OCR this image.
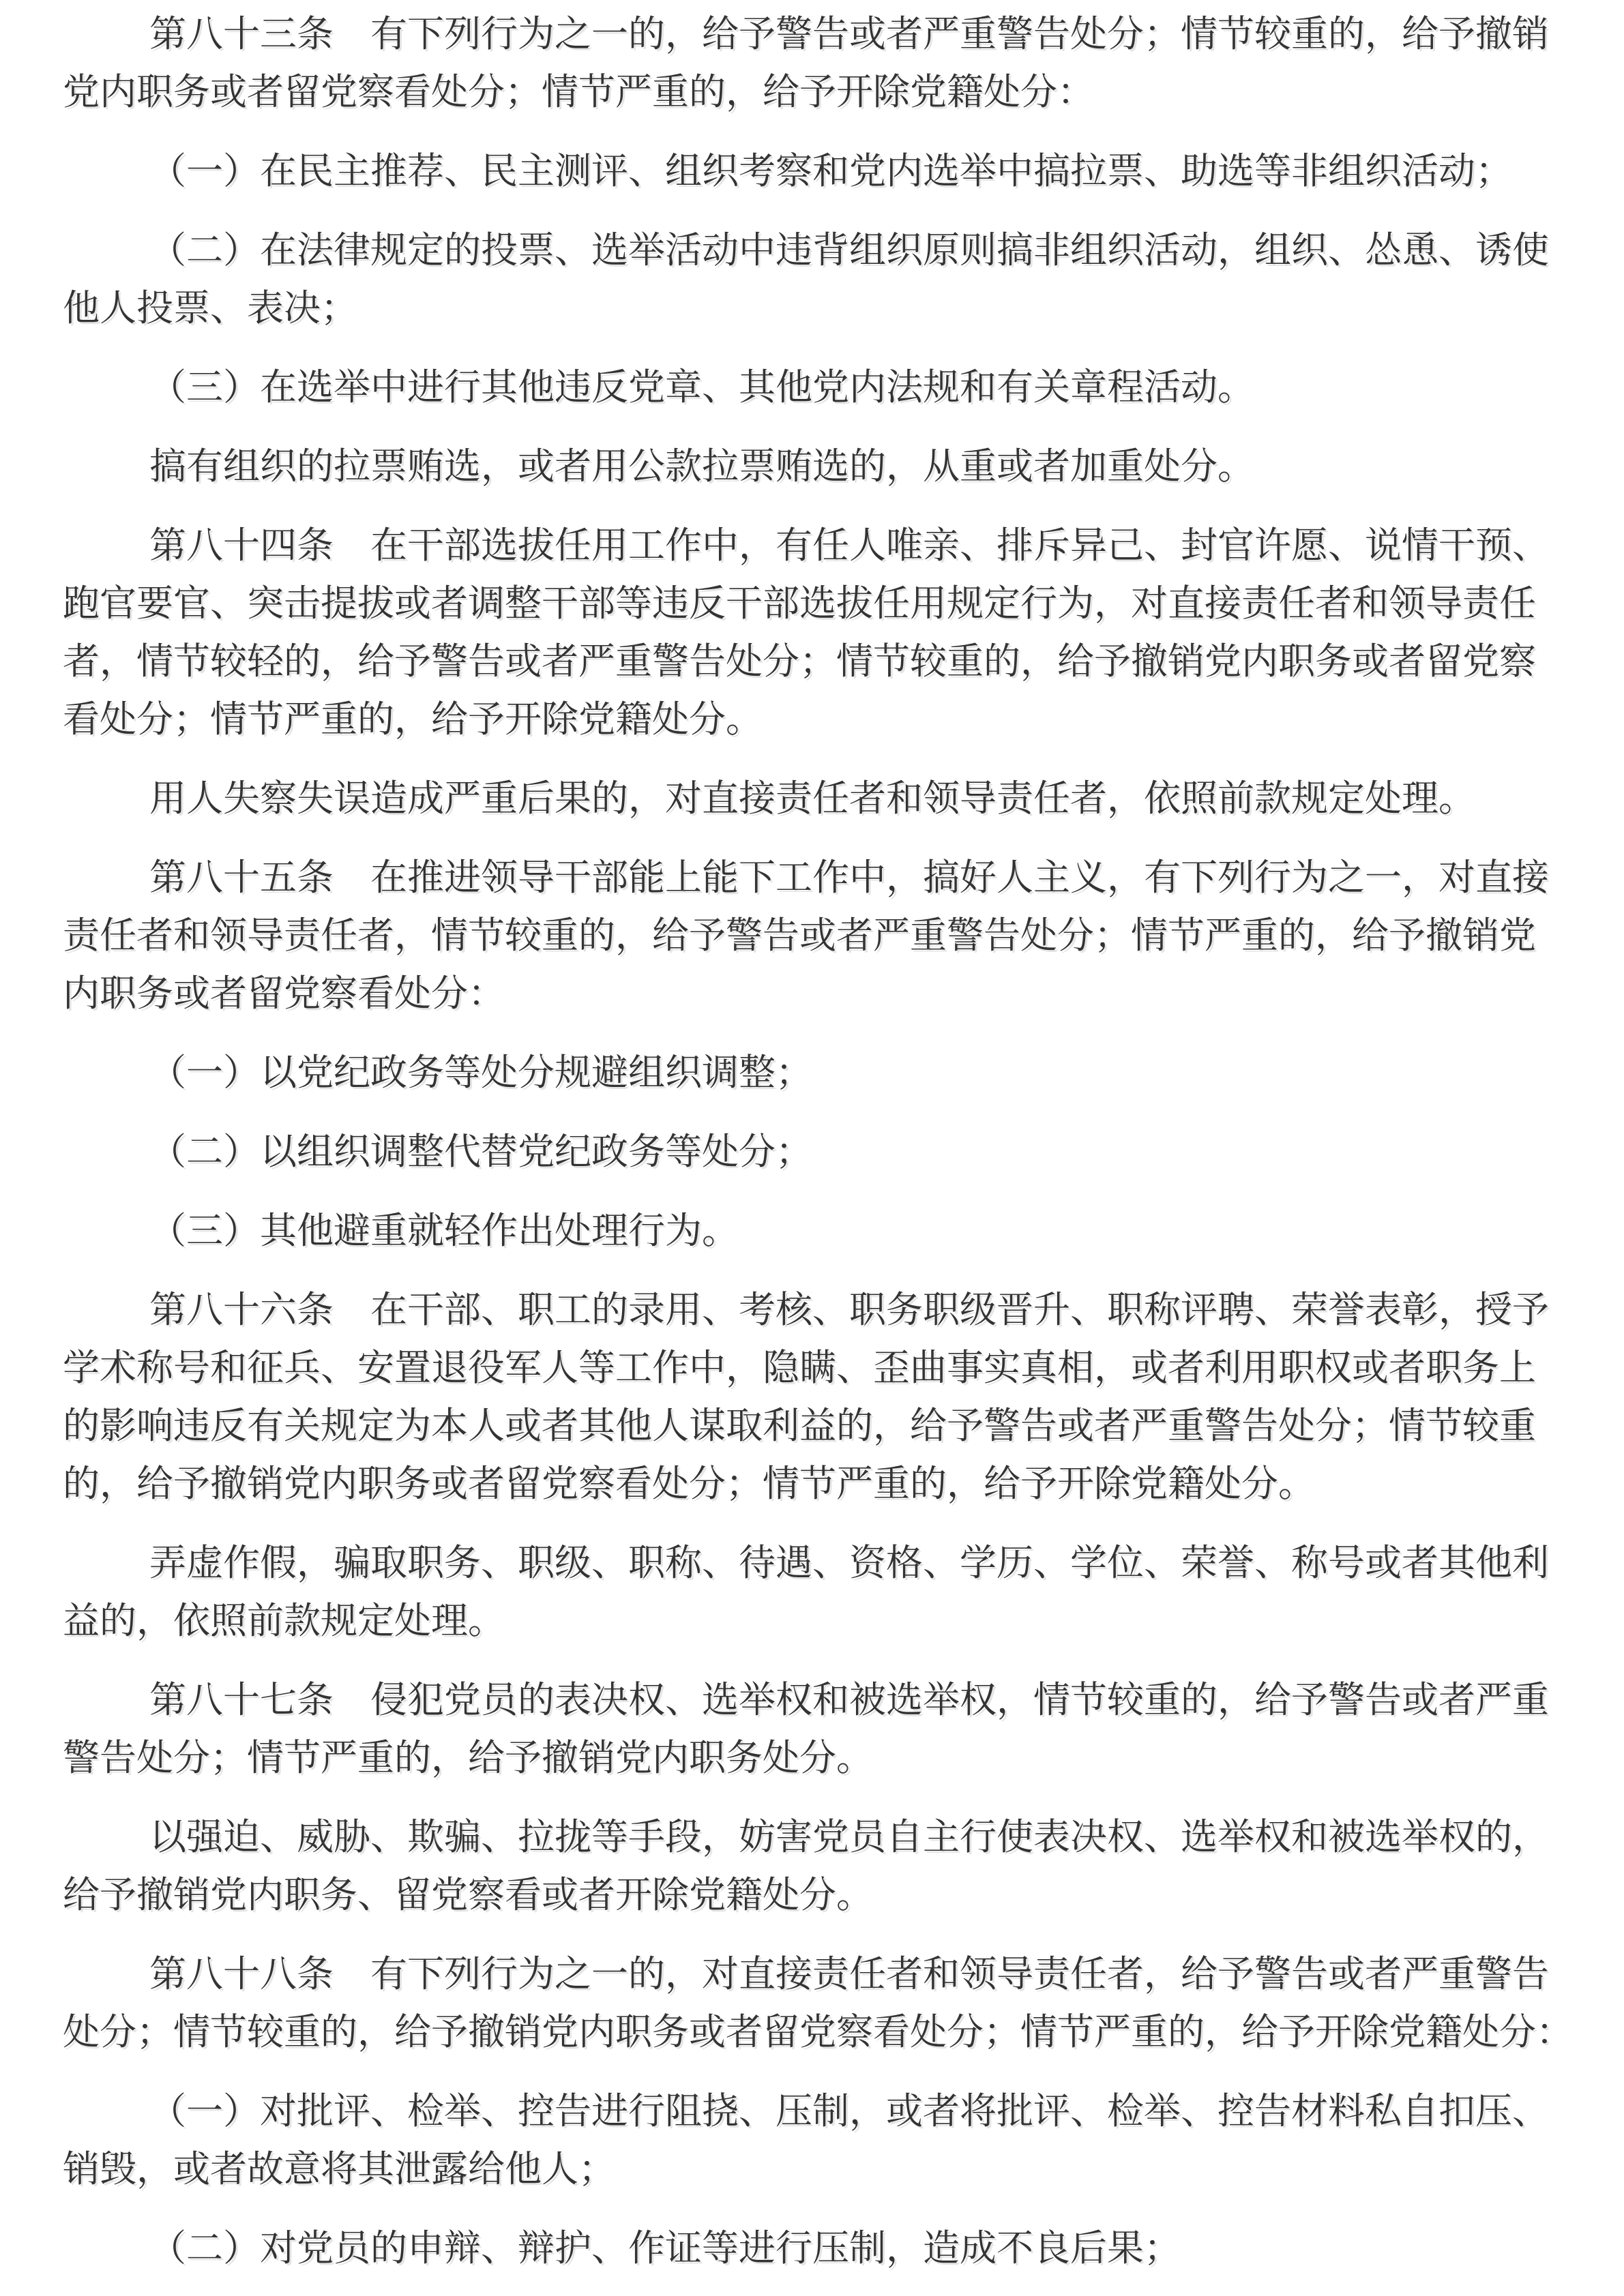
第八十三条　有下列行为之一的，给予警告或者严重警告处分；情节较重的，给予撤销
党内职务或者留党察看处分；情节严重的，给予开除党籍处分：

（一）在民主推荐、民主测评、组织考察和党内选举中搞拉票、助选等非组织活动；

（二）在法律规定的投票、选举活动中违背组织原则搞非组织活动，组织、怂恿、诱使
他人投票、表决；

（三）在选举中进行其他违反党章、其他党内法规和有关章程活动。

搞有组织的拉票贿选，或者用公款拉票贿选的，从重或者加重处分。

第八十四条　在干部选拔任用工作中，有任人唯亲、排斥异己、封官许愿、说情干预、
跑官要官、突击提拔或者调整干部等违反干部选拔任用规定行为，对直接责任者和领导责任
者，情节较轻的，给予警告或者严重警告处分；情节较重的，给予撤销党内职务或者留党察
看处分；情节严重的，给予开除党籍处分。

用人失察失误造成严重后果的，对直接责任者和领导责任者，依照前款规定处理。

第八十五条　在推进领导干部能上能下工作中，搞好人主义，有下列行为之一，对直接
责任者和领导责任者，情节较重的，给予警告或者严重警告处分；情节严重的，给予撤销党
内职务或者留党察看处分：

（一）以党纪政务等处分规避组织调整；

（二）以组织调整代替党纪政务等处分；

（三）其他避重就轻作出处理行为。

第八十六条　在干部、职工的录用、考核、职务职级晋升、职称评聘、荣誉表彰，授予
学术称号和征兵、安置退役军人等工作中，隐瞒、歪曲事实真相，或者利用职权或者职务上
的影响违反有关规定为本人或者其他人谋取利益的，给予警告或者严重警告处分；情节较重
的，给予撤销党内职务或者留党察看处分；情节严重的，给予开除党籍处分。

弄虚作假，骗取职务、职级、职称、待遇、资格、学历、学位、荣誉、称号或者其他利
益的，依照前款规定处理。

第八十七条　侵犯党员的表决权、选举权和被选举权，情节较重的，给予警告或者严重
警告处分；情节严重的，给予撤销党内职务处分。

以强迫、威胁、欺骗、拉拢等手段，妨害党员自主行使表决权、选举权和被选举权的，
给予撤销党内职务、留党察看或者开除党籍处分。

第八十八条　有下列行为之一的，对直接责任者和领导责任者，给予警告或者严重警告
处分；情节较重的，给予撤销党内职务或者留党察看处分；情节严重的，给予开除党籍处分：

（一）对批评、检举、控告进行阻挠、压制，或者将批评、检举、控告材料私自扣压、
销毁，或者故意将其泄露给他人；

（二）对党员的申辩、辩护、作证等进行压制，造成不良后果；
